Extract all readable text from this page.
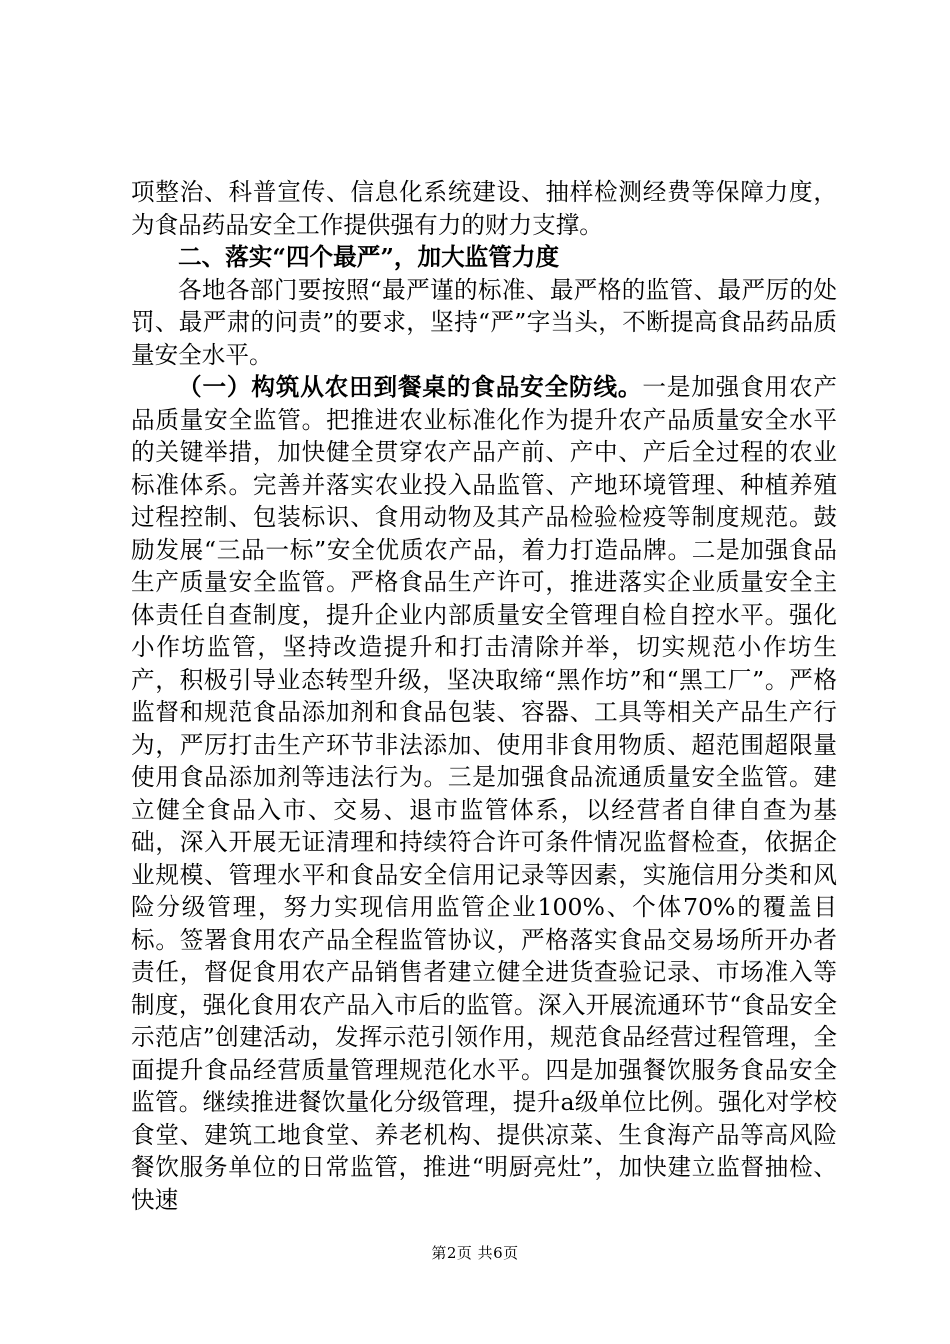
项整治、科普宣传、信息化系统建设、抽样检测经费等保障力度，为食品药品安全工作提供强有力的财力支撑。

二、落实“四个最严”，加大监管力度

各地各部门要按照“最严谨的标准、最严格的监管、最严厉的处罚、最严肃的问责”的要求，坚持“严”字当头，不断提高食品药品质量安全水平。

（一）构筑从农田到餐桌的食品安全防线。一是加强食用农产品质量安全监管。把推进农业标准化作为提升农产品质量安全水平的关键举措，加快健全贯穿农产品产前、产中、产后全过程的农业标准体系。完善并落实农业投入品监管、产地环境管理、种植养殖过程控制、包装标识、食用动物及其产品检验检疫等制度规范。鼓励发展“三品一标”安全优质农产品，着力打造品牌。二是加强食品生产质量安全监管。严格食品生产许可，推进落实企业质量安全主体责任自查制度，提升企业内部质量安全管理自检自控水平。强化小作坊监管，坚持改造提升和打击清除并举，切实规范小作坊生产，积极引导业态转型升级，坚决取缔“黑作坊”和“黑工厂”。严格监督和规范食品添加剂和食品包装、容器、工具等相关产品生产行为，严厉打击生产环节非法添加、使用非食用物质、超范围超限量使用食品添加剂等违法行为。三是加强食品流通质量安全监管。建立健全食品入市、交易、退市监管体系，以经营者自律自查为基础，深入开展无证清理和持续符合许可条件情况监督检查，依据企业规模、管理水平和食品安全信用记录等因素，实施信用分类和风险分级管理，努力实现信用监管企业100%、个体70%的覆盖目标。签署食用农产品全程监管协议，严格落实食品交易场所开办者责任，督促食用农产品销售者建立健全进货查验记录、市场准入等制度，强化食用农产品入市后的监管。深入开展流通环节“食品安全示范店”创建活动，发挥示范引领作用，规范食品经营过程管理，全面提升食品经营质量管理规范化水平。四是加强餐饮服务食品安全监管。继续推进餐饮量化分级管理，提升a级单位比例。强化对学校食堂、建筑工地食堂、养老机构、提供凉菜、生食海产品等高风险餐饮服务单位的日常监管，推进“明厨亮灶”，加快建立监督抽检、快速

第2页 共6页
